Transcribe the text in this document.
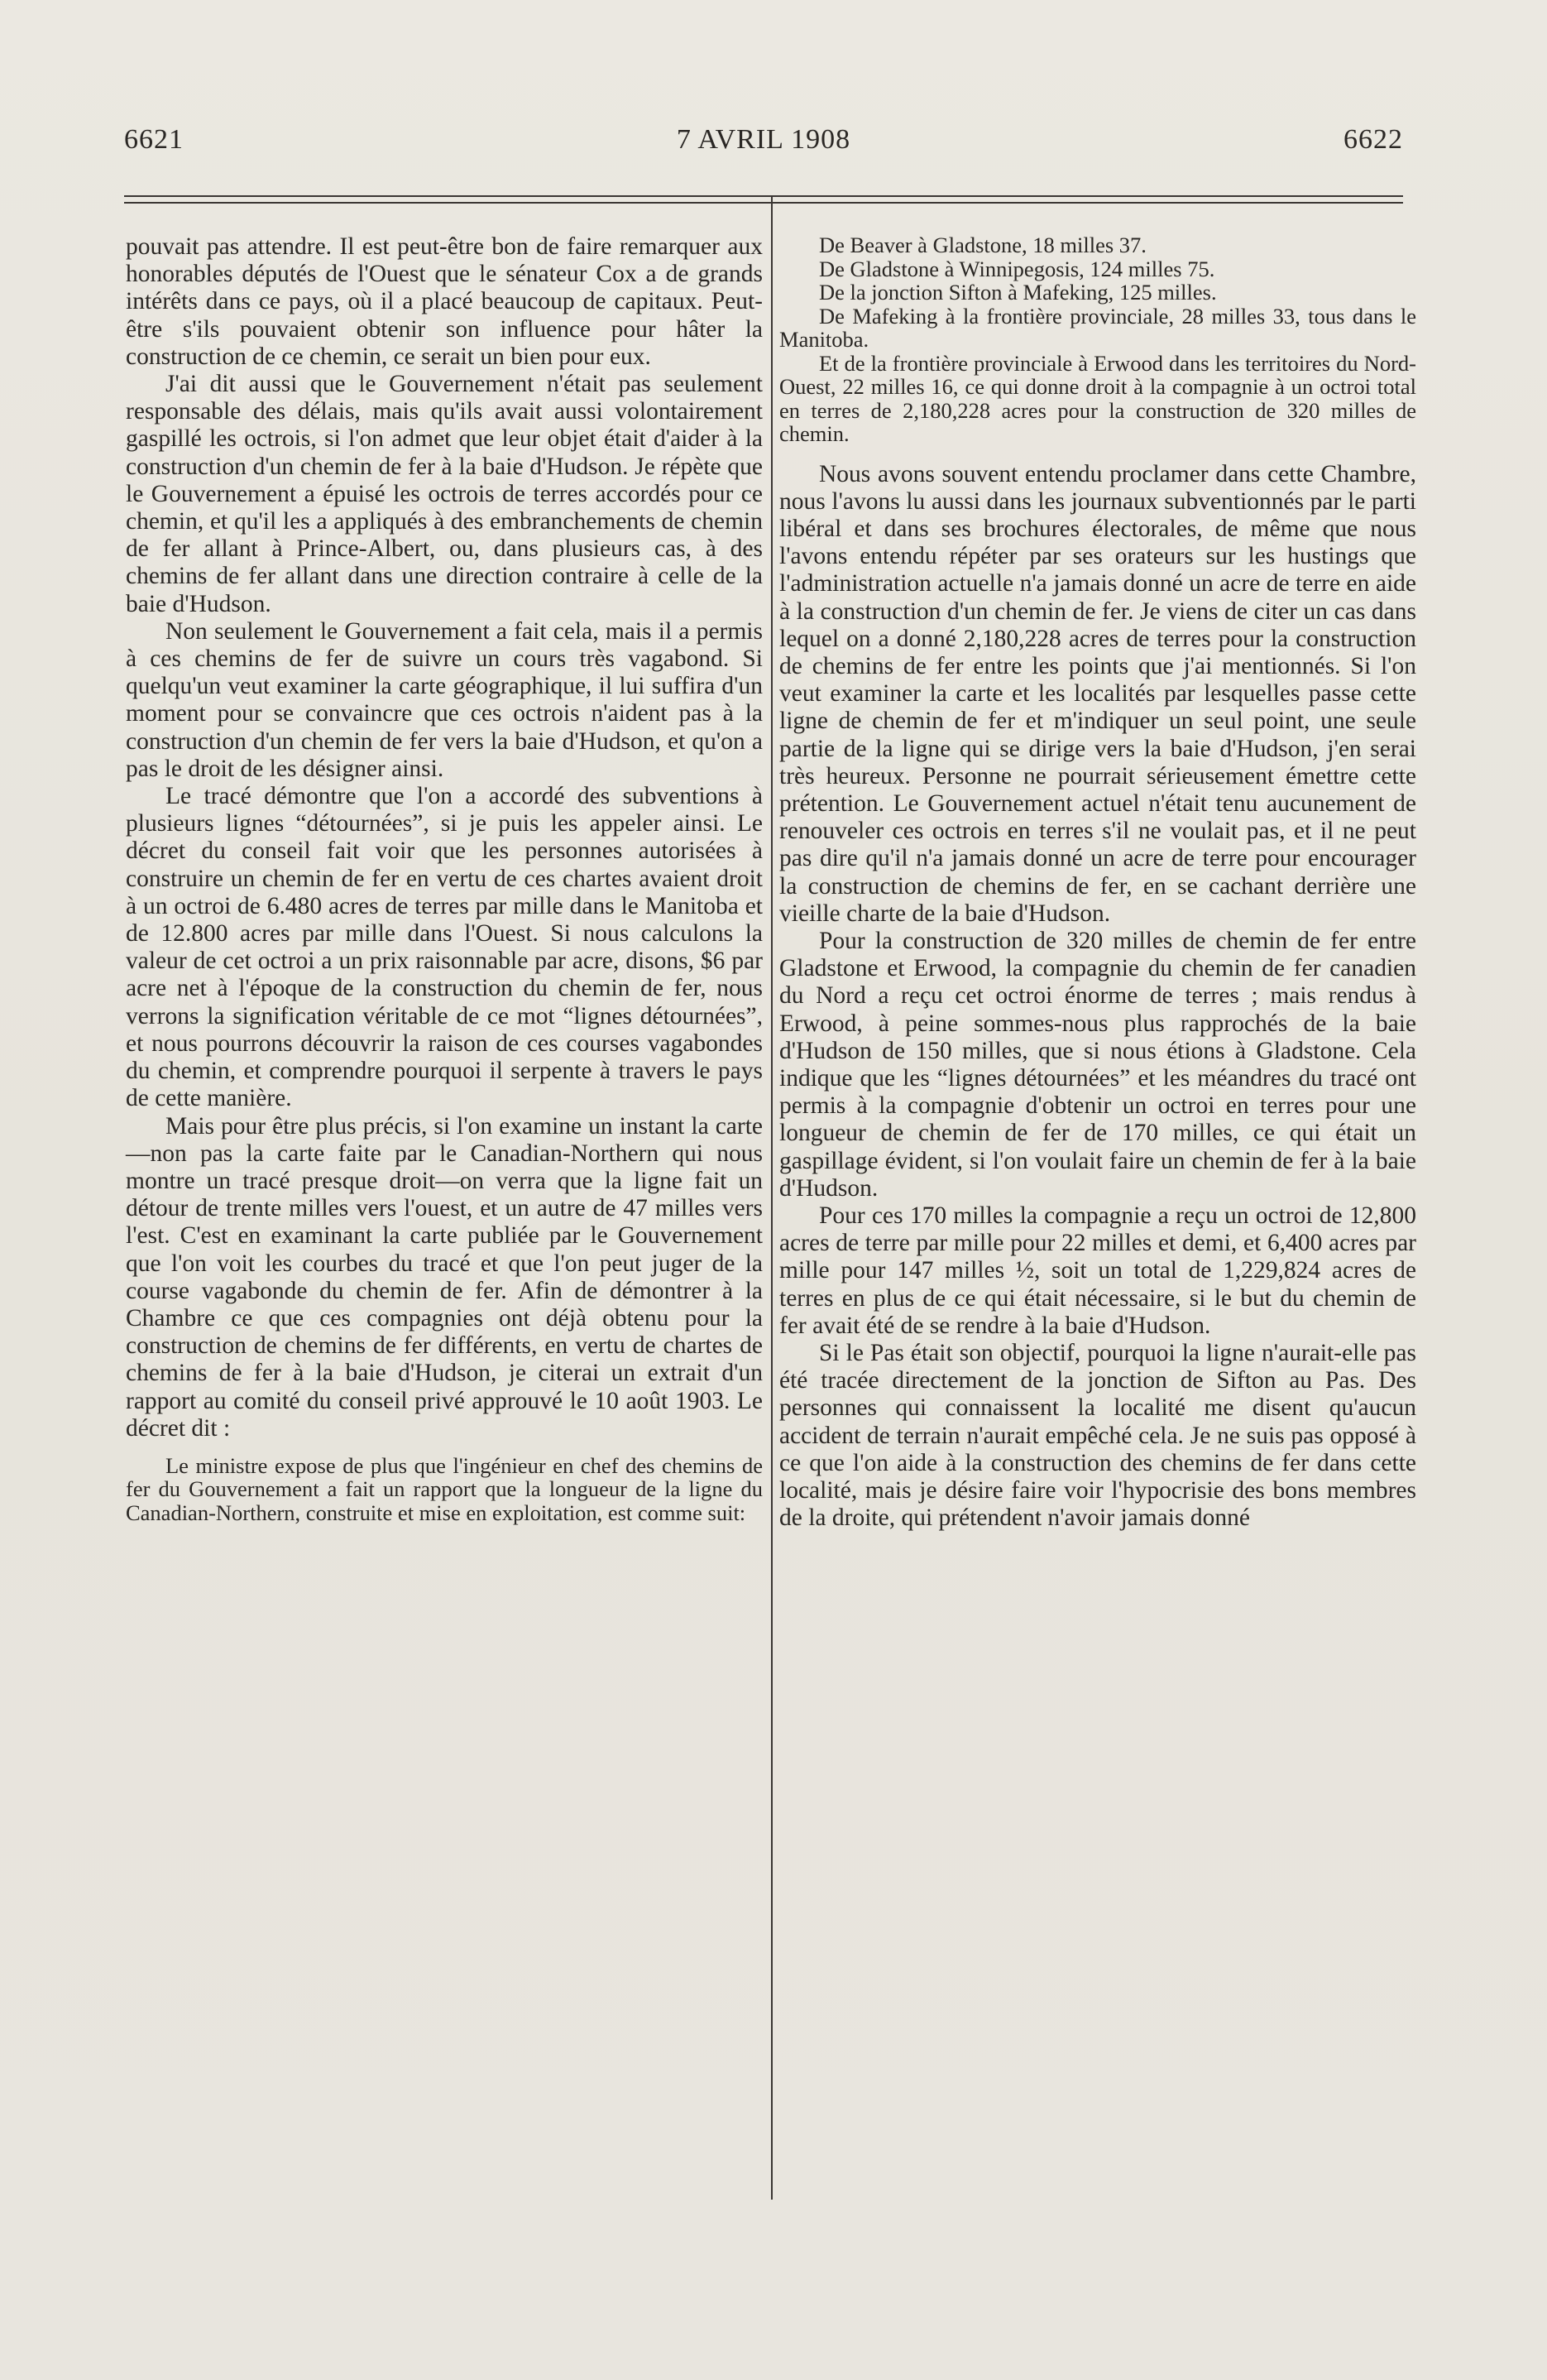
6621	7 AVRIL 1908	6622

pouvait pas attendre. Il est peut-être bon de faire remarquer aux honorables députés de l'Ouest que le sénateur Cox a de grands intérêts dans ce pays, où il a placé beaucoup de capitaux. Peut-être s'ils pouvaient obtenir son influence pour hâter la construction de ce chemin, ce serait un bien pour eux.

J'ai dit aussi que le Gouvernement n'était pas seulement responsable des délais, mais qu'ils avait aussi volontairement gaspillé les octrois, si l'on admet que leur objet était d'aider à la construction d'un chemin de fer à la baie d'Hudson. Je répète que le Gouvernement a épuisé les octrois de terres accordés pour ce chemin, et qu'il les a appliqués à des embranchements de chemin de fer allant à Prince-Albert, ou, dans plusieurs cas, à des chemins de fer allant dans une direction contraire à celle de la baie d'Hudson.

Non seulement le Gouvernement a fait cela, mais il a permis à ces chemins de fer de suivre un cours très vagabond. Si quelqu'un veut examiner la carte géographique, il lui suffira d'un moment pour se convaincre que ces octrois n'aident pas à la construction d'un chemin de fer vers la baie d'Hudson, et qu'on a pas le droit de les désigner ainsi.

Le tracé démontre que l'on a accordé des subventions à plusieurs lignes “détournées”, si je puis les appeler ainsi. Le décret du conseil fait voir que les personnes autorisées à construire un chemin de fer en vertu de ces chartes avaient droit à un octroi de 6.480 acres de terres par mille dans le Manitoba et de 12.800 acres par mille dans l'Ouest. Si nous calculons la valeur de cet octroi a un prix raisonnable par acre, disons, $6 par acre net à l'époque de la construction du chemin de fer, nous verrons la signification véritable de ce mot “lignes détournées”, et nous pourrons découvrir la raison de ces courses vagabondes du chemin, et comprendre pourquoi il serpente à travers le pays de cette manière.

Mais pour être plus précis, si l'on examine un instant la carte—non pas la carte faite par le Canadian-Northern qui nous montre un tracé presque droit—on verra que la ligne fait un détour de trente milles vers l'ouest, et un autre de 47 milles vers l'est. C'est en examinant la carte publiée par le Gouvernement que l'on voit les courbes du tracé et que l'on peut juger de la course vagabonde du chemin de fer. Afin de démontrer à la Chambre ce que ces compagnies ont déjà obtenu pour la construction de chemins de fer différents, en vertu de chartes de chemins de fer à la baie d'Hudson, je citerai un extrait d'un rapport au comité du conseil privé approuvé le 10 août 1903. Le décret dit :

Le ministre expose de plus que l'ingénieur en chef des chemins de fer du Gouvernement a fait un rapport que la longueur de la ligne du Canadian-Northern, construite et mise en exploitation, est comme suit:

De Beaver à Gladstone, 18 milles 37.

De Gladstone à Winnipegosis, 124 milles 75.

De la jonction Sifton à Mafeking, 125 milles.

De Mafeking à la frontière provinciale, 28 milles 33, tous dans le Manitoba.

Et de la frontière provinciale à Erwood dans les territoires du Nord-Ouest, 22 milles 16, ce qui donne droit à la compagnie à un octroi total en terres de 2,180,228 acres pour la construction de 320 milles de chemin.

Nous avons souvent entendu proclamer dans cette Chambre, nous l'avons lu aussi dans les journaux subventionnés par le parti libéral et dans ses brochures électorales, de même que nous l'avons entendu répéter par ses orateurs sur les hustings que l'administration actuelle n'a jamais donné un acre de terre en aide à la construction d'un chemin de fer. Je viens de citer un cas dans lequel on a donné 2,180,228 acres de terres pour la construction de chemins de fer entre les points que j'ai mentionnés. Si l'on veut examiner la carte et les localités par lesquelles passe cette ligne de chemin de fer et m'indiquer un seul point, une seule partie de la ligne qui se dirige vers la baie d'Hudson, j'en serai très heureux. Personne ne pourrait sérieusement émettre cette prétention. Le Gouvernement actuel n'était tenu aucunement de renouveler ces octrois en terres s'il ne voulait pas, et il ne peut pas dire qu'il n'a jamais donné un acre de terre pour encourager la construction de chemins de fer, en se cachant derrière une vieille charte de la baie d'Hudson.

Pour la construction de 320 milles de chemin de fer entre Gladstone et Erwood, la compagnie du chemin de fer canadien du Nord a reçu cet octroi énorme de terres ; mais rendus à Erwood, à peine sommes-nous plus rapprochés de la baie d'Hudson de 150 milles, que si nous étions à Gladstone. Cela indique que les “lignes détournées” et les méandres du tracé ont permis à la compagnie d'obtenir un octroi en terres pour une longueur de chemin de fer de 170 milles, ce qui était un gaspillage évident, si l'on voulait faire un chemin de fer à la baie d'Hudson.

Pour ces 170 milles la compagnie a reçu un octroi de 12,800 acres de terre par mille pour 22 milles et demi, et 6,400 acres par mille pour 147 milles ½, soit un total de 1,229,824 acres de terres en plus de ce qui était nécessaire, si le but du chemin de fer avait été de se rendre à la baie d'Hudson.

Si le Pas était son objectif, pourquoi la ligne n'aurait-elle pas été tracée directement de la jonction de Sifton au Pas. Des personnes qui connaissent la localité me disent qu'aucun accident de terrain n'aurait empêché cela. Je ne suis pas opposé à ce que l'on aide à la construction des chemins de fer dans cette localité, mais je désire faire voir l'hypocrisie des bons membres de la droite, qui prétendent n'avoir jamais donné
